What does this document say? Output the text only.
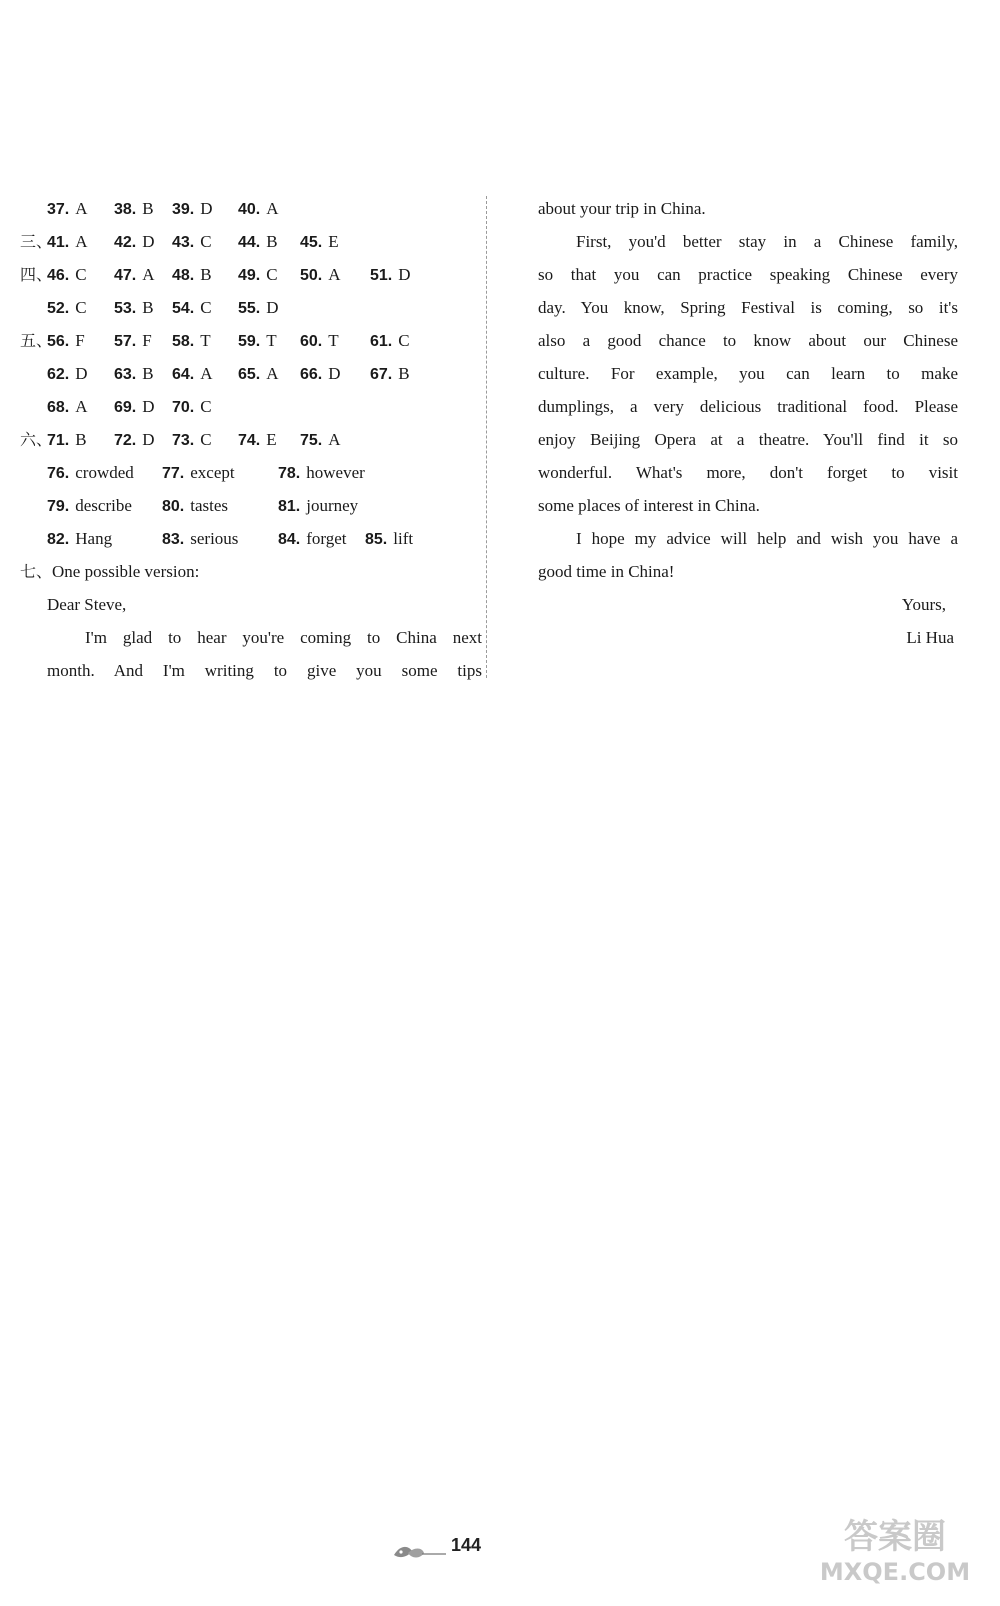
37. A 38. B 39. D 40. A
三、
41. A 42. D 43. C 44. B 45. E
四、
46. C 47. A 48. B 49. C 50. A 51. D
52. C 53. B 54. C 55. D
五、
56. F 57. F 58. T 59. T 60. T 61. C
62. D 63. B 64. A 65. A 66. D 67. B
68. A 69. D 70. C
六、
71. B 72. D 73. C 74. E 75. A
76. crowded 77. except	78. however
79. describe 80. tastes	81. journey
82. Hang	83. serious 84. forget 85. lift
七、One possible version:
Dear Steve,
I'm glad to hear you're coming to China next
month. And I'm writing to give you some tips
about your trip in China.
First, you'd better stay in a Chinese family,
so that you can practice speaking Chinese every
day. You know, Spring Festival is coming, so it's
also a good chance to know about our Chinese
culture. For example, you can learn to make
dumplings, a very delicious traditional food. Please
enjoy Beijing Opera at a theatre. You'll find it so
wonderful. What's more, don't forget to visit
some places of interest in China.
I hope my advice will help and wish you have a
good time in China!
Yours,
Li Hua
144	答案圈
MXQE.COM
